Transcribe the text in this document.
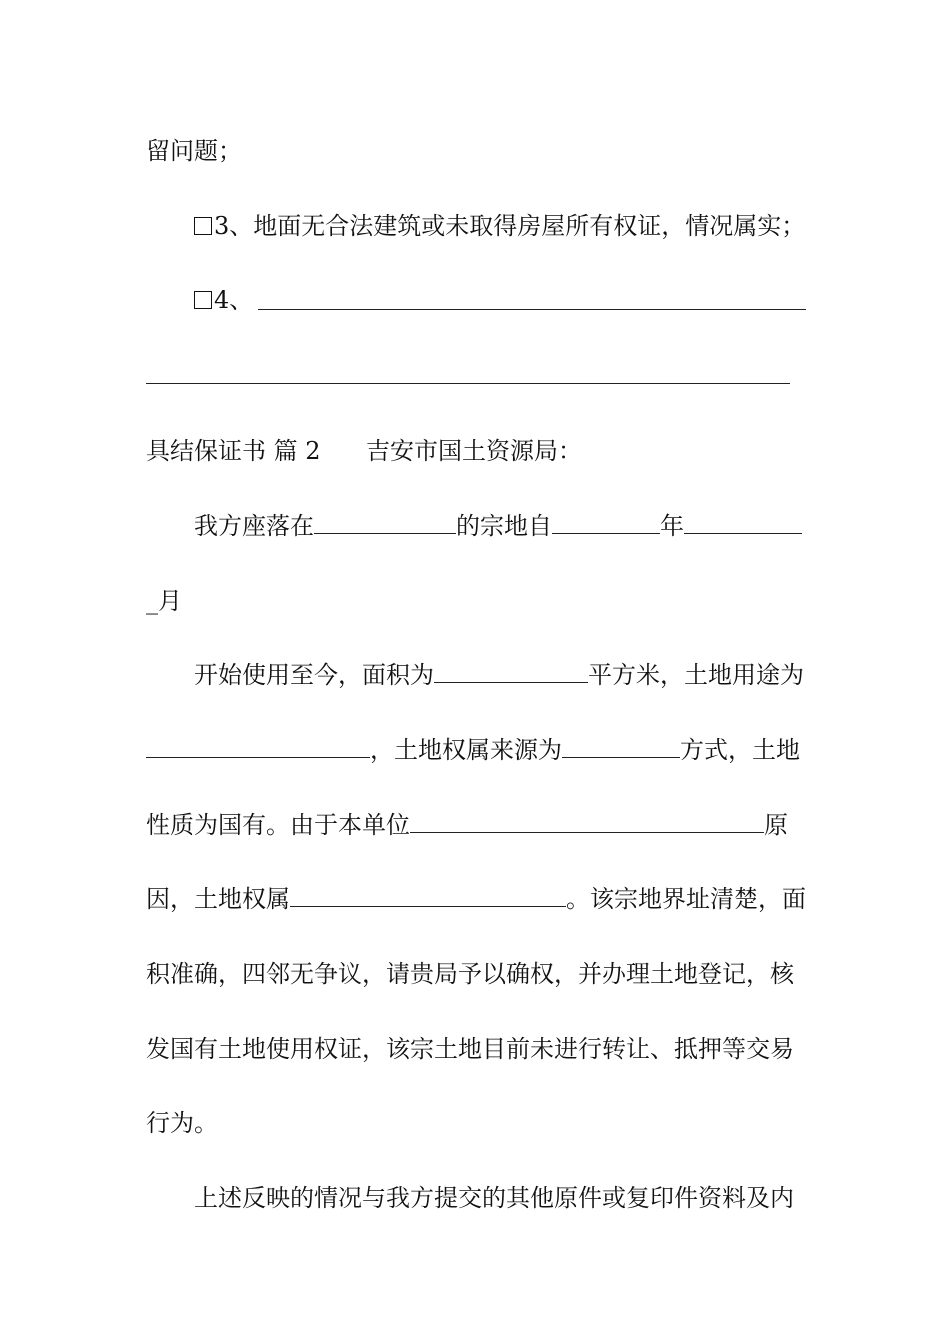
留问题；
3、地面无合法建筑或未取得房屋所有权证，情况属实；
4、
具结保证书 篇 2 吉安市国土资源局：
我方座落在	的宗地自	年
_月
开始使用至今，面积为	平方米，土地用途为
，土地权属来源为	方式，土地
性质为国有。由于本单位	原
因，土地权属	。该宗地界址清楚，面
积准确，四邻无争议，请贵局予以确权，并办理土地登记，核
发国有土地使用权证，该宗土地目前未进行转让、抵押等交易
行为。
上述反映的情况与我方提交的其他原件或复印件资料及内
